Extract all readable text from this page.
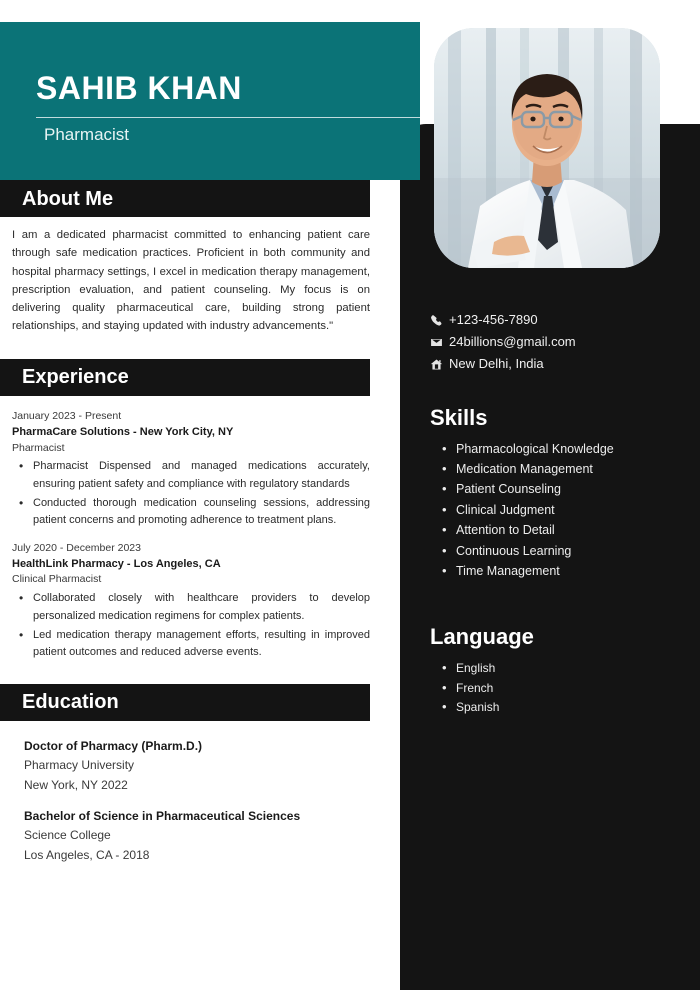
SAHIB KHAN
Pharmacist
About Me

I am a dedicated pharmacist committed to enhancing patient care through safe medication practices. Proficient in both community and hospital pharmacy settings, I excel in medication therapy management, prescription evaluation, and patient counseling. My focus is on delivering quality pharmaceutical care, building strong patient relationships, and staying updated with industry advancements."

Experience
January 2023 - Present
PharmaCare Solutions - New York City, NY
Pharmacist
• Pharmacist Dispensed and managed medications accurately, ensuring patient safety and compliance with regulatory standards
• Conducted thorough medication counseling sessions, addressing patient concerns and promoting adherence to treatment plans.
July 2020 - December 2023
HealthLink Pharmacy - Los Angeles, CA
Clinical Pharmacist
• Collaborated closely with healthcare providers to develop personalized medication regimens for complex patients.
• Led medication therapy management efforts, resulting in improved patient outcomes and reduced adverse events.
Education
Doctor of Pharmacy (Pharm.D.)
Pharmacy University
New York, NY 2022
Bachelor of Science in Pharmaceutical Sciences
Science College
Los Angeles, CA - 2018
+123-456-7890
24billions@gmail.com
New Delhi, India
Skills
• Pharmacological Knowledge
• Medication Management
• Patient Counseling
• Clinical Judgment
• Attention to Detail
• Continuous Learning
• Time Management
Language
• English
• French
• Spanish
